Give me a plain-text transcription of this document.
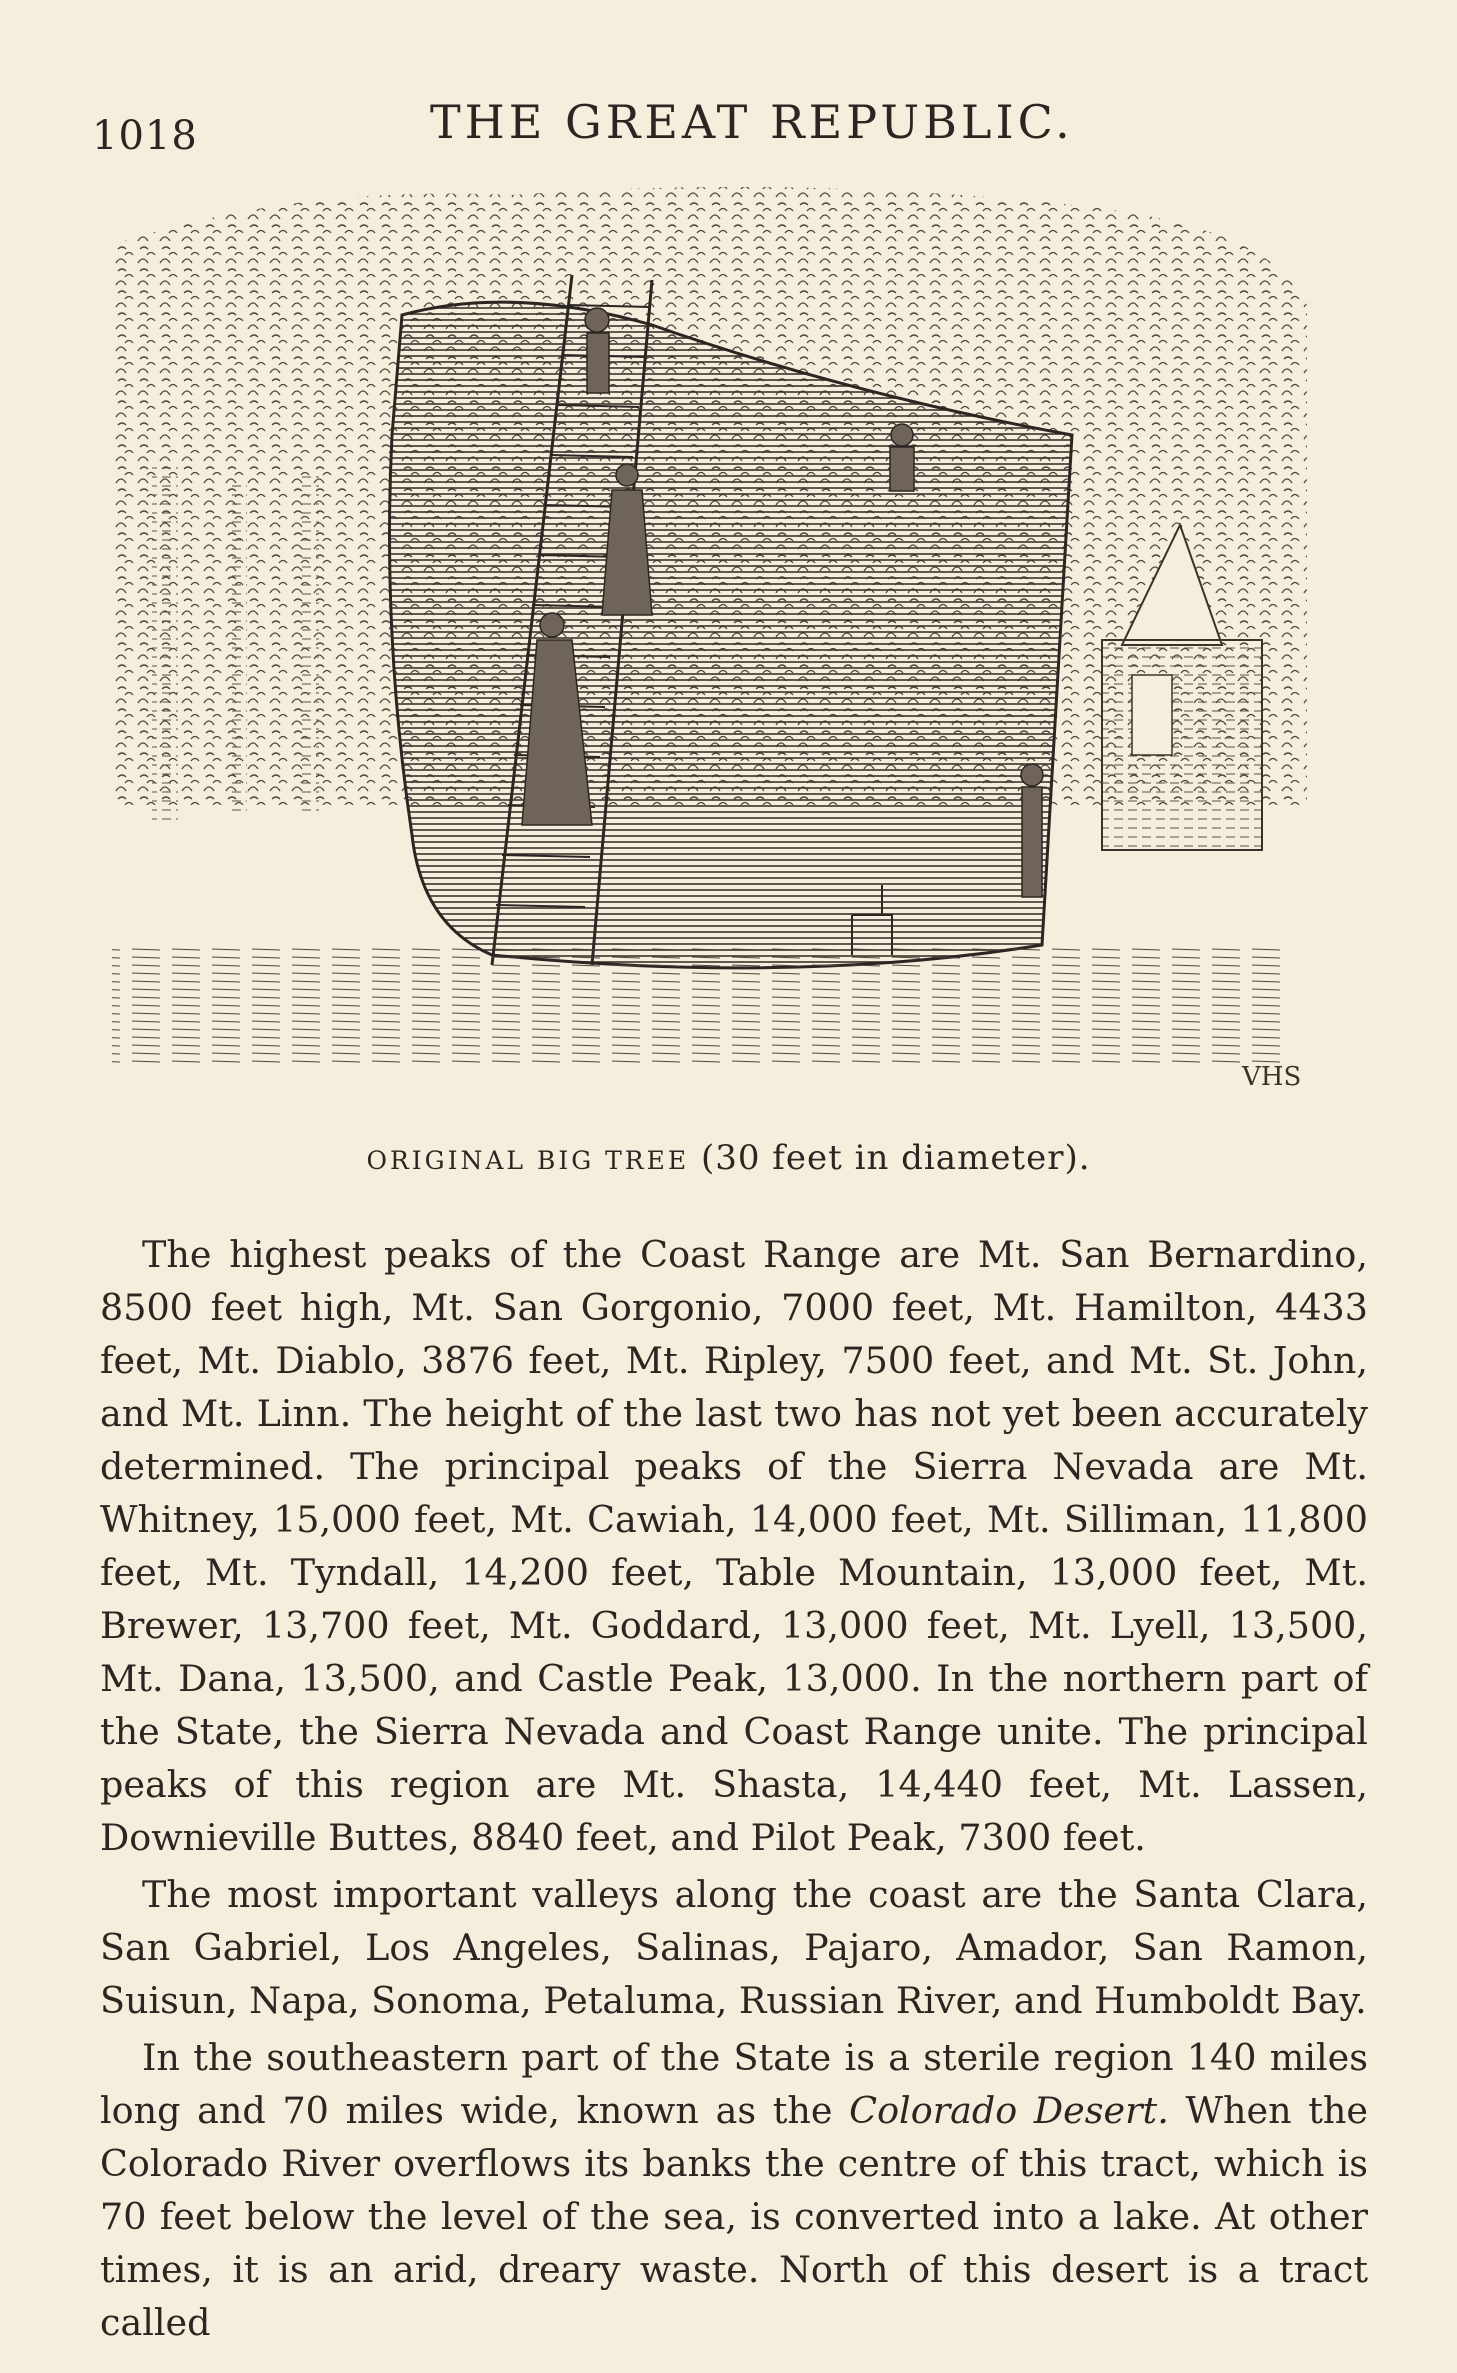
1018	THE GREAT REPUBLIC.
VHS
ORIGINAL BIG TREE (30 feet in diameter).

The highest peaks of the Coast Range are Mt. San Bernardino, 8500 feet high, Mt. San Gorgonio, 7000 feet, Mt. Hamilton, 4433 feet, Mt. Diablo, 3876 feet, Mt. Ripley, 7500 feet, and Mt. St. John, and Mt. Linn. The height of the last two has not yet been accurately determined. The principal peaks of the Sierra Nevada are Mt. Whitney, 15,000 feet, Mt. Cawiah, 14,000 feet, Mt. Silliman, 11,800 feet, Mt. Tyndall, 14,200 feet, Table Mountain, 13,000 feet, Mt. Brewer, 13,700 feet, Mt. Goddard, 13,000 feet, Mt. Lyell, 13,500, Mt. Dana, 13,500, and Castle Peak, 13,000. In the northern part of the State, the Sierra Nevada and Coast Range unite. The principal peaks of this region are Mt. Shasta, 14,440 feet, Mt. Lassen, Downieville Buttes, 8840 feet, and Pilot Peak, 7300 feet.

The most important valleys along the coast are the Santa Clara, San Gabriel, Los Angeles, Salinas, Pajaro, Amador, San Ramon, Suisun, Napa, Sonoma, Petaluma, Russian River, and Humboldt Bay.

In the southeastern part of the State is a sterile region 140 miles long and 70 miles wide, known as the Colorado Desert. When the Colorado River overflows its banks the centre of this tract, which is 70 feet below the level of the sea, is converted into a lake. At other times, it is an arid, dreary waste. North of this desert is a tract called
